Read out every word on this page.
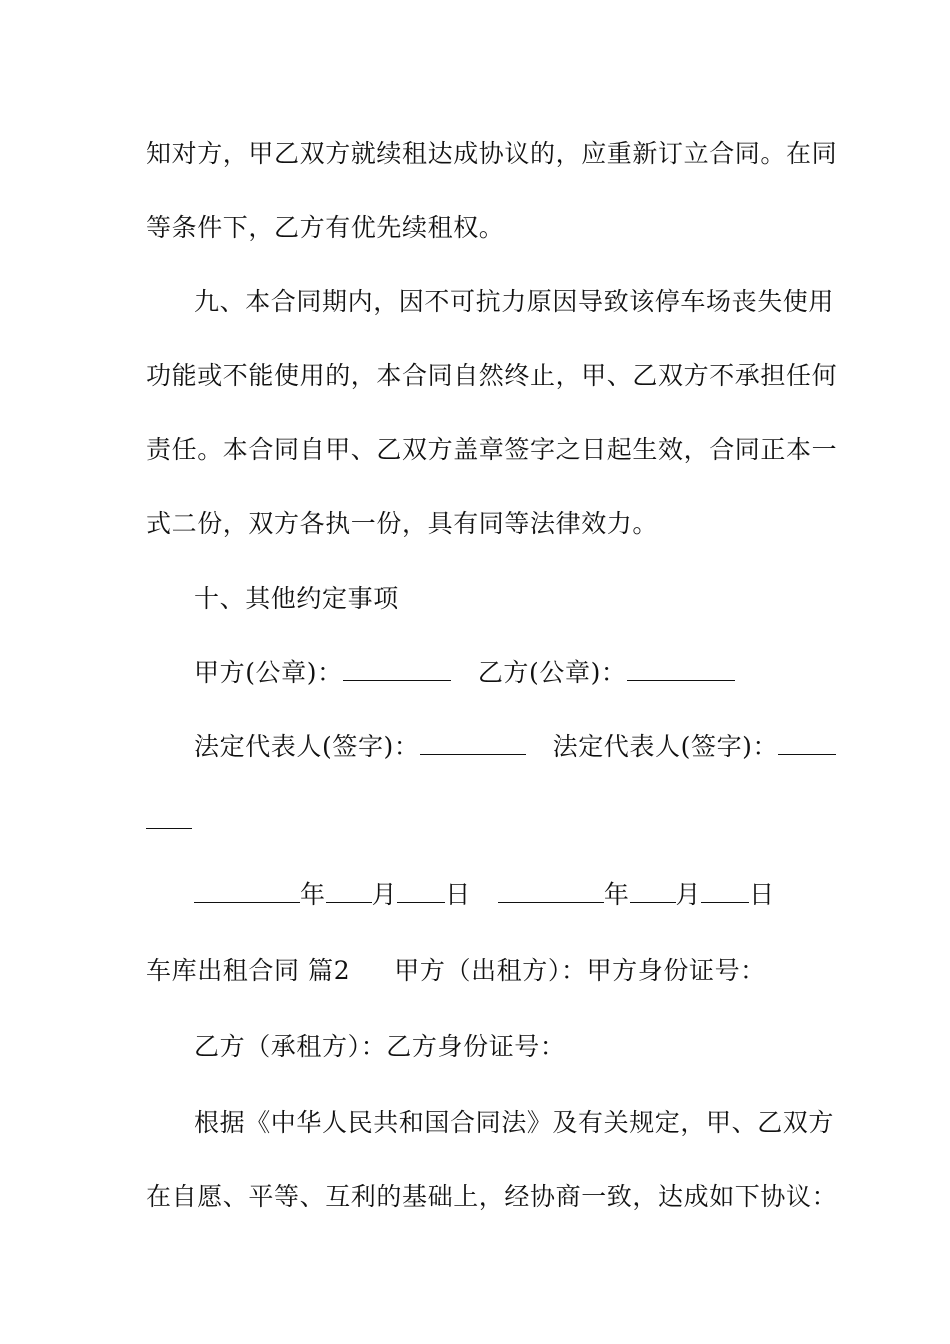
知对方，甲乙双方就续租达成协议的，应重新订立合同。在同
等条件下，乙方有优先续租权。
九、本合同期内，因不可抗力原因导致该停车场丧失使用
功能或不能使用的，本合同自然终止，甲、乙双方不承担任何
责任。本合同自甲、乙双方盖章签字之日起生效，合同正本一
式二份，双方各执一份，具有同等法律效力。
十、其他约定事项
甲方(公章)：	乙方(公章)：
法定代表人(签字)：	法定代表人(签字)：
年 月 日	年 月 日
车库出租合同 篇2 甲方（出租方）：甲方身份证号：
乙方（承租方）：乙方身份证号：
根据《中华人民共和国合同法》及有关规定，甲、乙双方
在自愿、平等、互利的基础上，经协商一致，达成如下协议：
